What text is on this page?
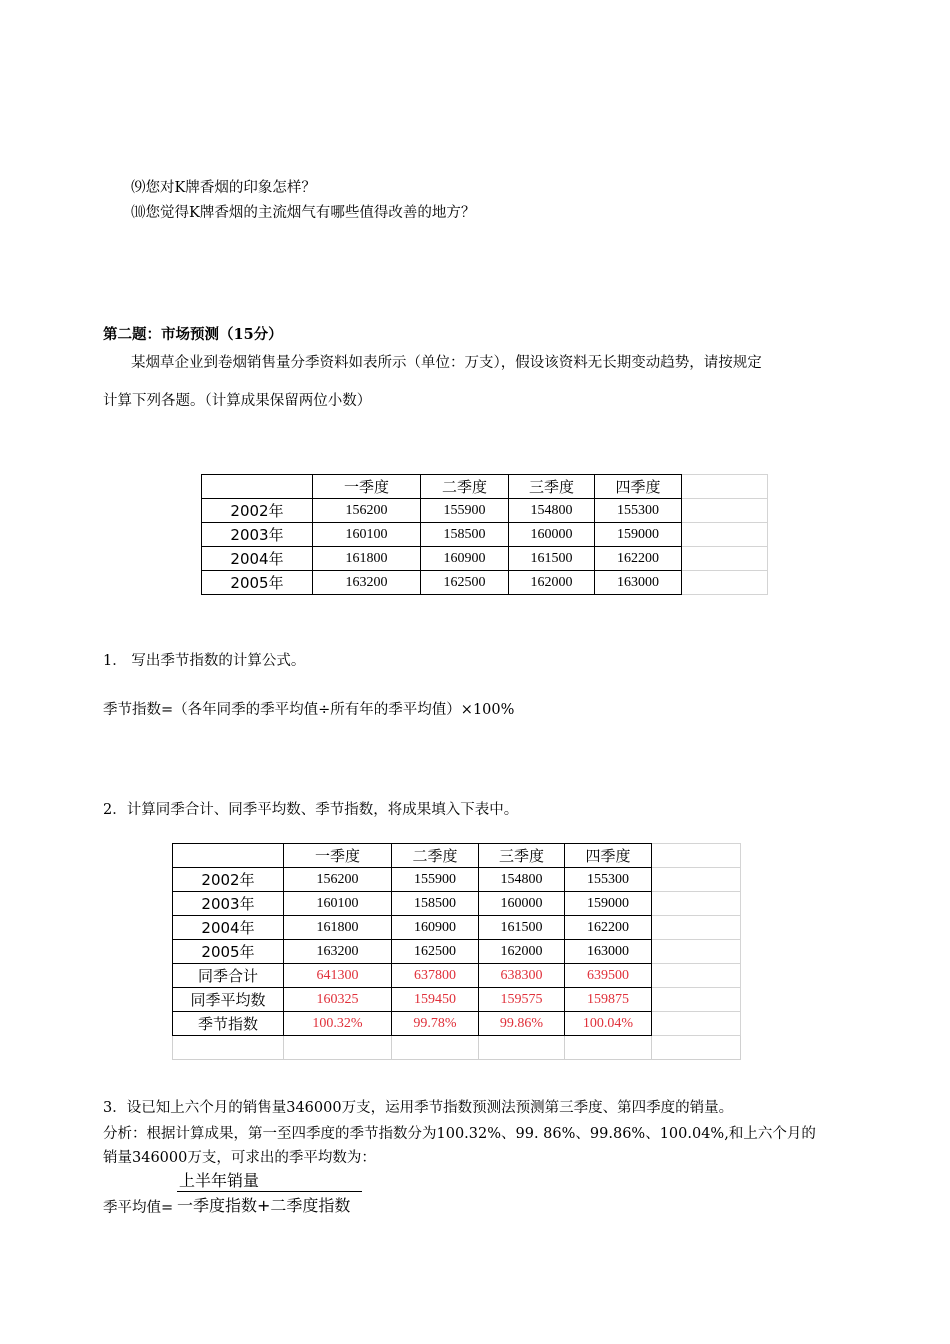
⑼您对K牌香烟的印象怎样？
⑽您觉得K牌香烟的主流烟气有哪些值得改善的地方？
第二题：市场预测（15分）
某烟草企业到卷烟销售量分季资料如表所示（单位：万支），假设该资料无长期变动趋势，请按规定
计算下列各题。（计算成果保留两位小数）
	一季度	二季度	三季度	四季度	
2002年	156200	155900	154800	155300	
2003年	160100	158500	160000	159000	
2004年	161800	160900	161500	162200	
2005年	163200	162500	162000	163000	
1． 写出季节指数的计算公式。
季节指数=（各年同季的季平均值÷所有年的季平均值）×100%
2．计算同季合计、同季平均数、季节指数，将成果填入下表中。
	一季度	二季度	三季度	四季度	
2002年	156200	155900	154800	155300	
2003年	160100	158500	160000	159000	
2004年	161800	160900	161500	162200	
2005年	163200	162500	162000	163000	
同季合计	641300	637800	638300	639500	
同季平均数	160325	159450	159575	159875	
季节指数	100.32%	99.78%	99.86%	100.04%	

3．设已知上六个月的销售量346000万支，运用季节指数预测法预测第三季度、第四季度的销量。
分析：根据计算成果，第一至四季度的季节指数分为100.32%、99. 86%、99.86%、100.04%,和上六个月的
销量346000万支，可求出的季平均数为：
季平均值=
上半年销量
一季度指数+二季度指数
